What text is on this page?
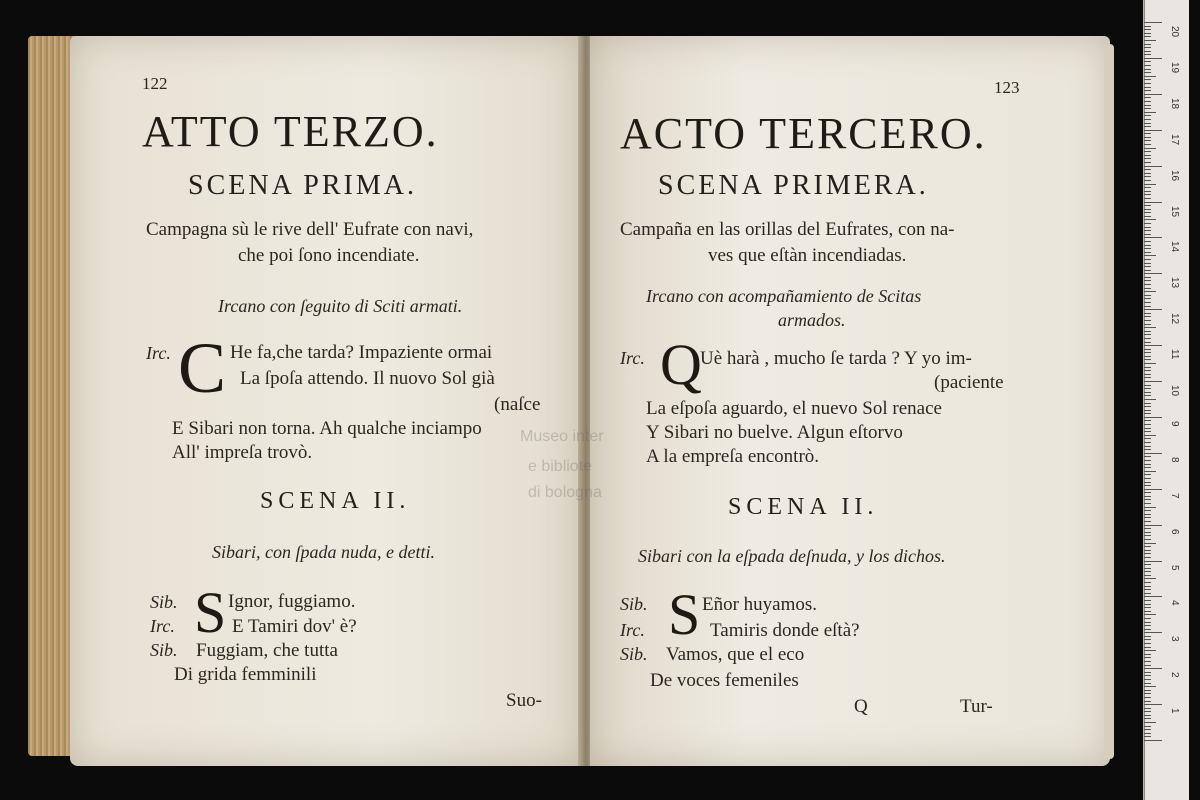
122
ATTO TERZO.
SCENA PRIMA.
Campagna sù le rive dell' Eufrate con navi,
che poi ſono incendiate.
Ircano con ſeguito di Sciti armati.
Irc. C He fa,che tarda? Impaziente ormai
La ſpoſa attendo. Il nuovo Sol già
(naſce
E Sibari non torna. Ah qualche inciampo
All' impreſa trovò.
SCENA II.
Sibari, con ſpada nuda, e detti.
Sib.
Irc.
Sib.
S Ignor, fuggiamo.
E Tamiri dov' è?
Fuggiam, che tutta
Di grida femminili
Suo-
123
ACTO TERCERO.
SCENA PRIMERA.
Campaña en las orillas del Eufrates, con na-
ves que eſtàn incendiadas.
Ircano con acompañamiento de Scitas
armados.
Irc. Q
Uè harà , mucho ſe tarda ? Y yo im-
(paciente
La eſpoſa aguardo, el nuevo Sol renace
Y Sibari no buelve. Algun eſtorvo
A la empreſa encontrò.
SCENA II.
Sibari con la eſpada deſnuda, y los dichos.
Sib.
Irc.
Sib.
S Eñor huyamos.
Tamiris donde eſtà?
Vamos, que el eco
De voces femeniles
Q	Tur-
Museo inter
e bibliote
di bologna
20
19
18
17
16
15
14
13
12
11
10
9
8
7
6
5
4
3
2
1
